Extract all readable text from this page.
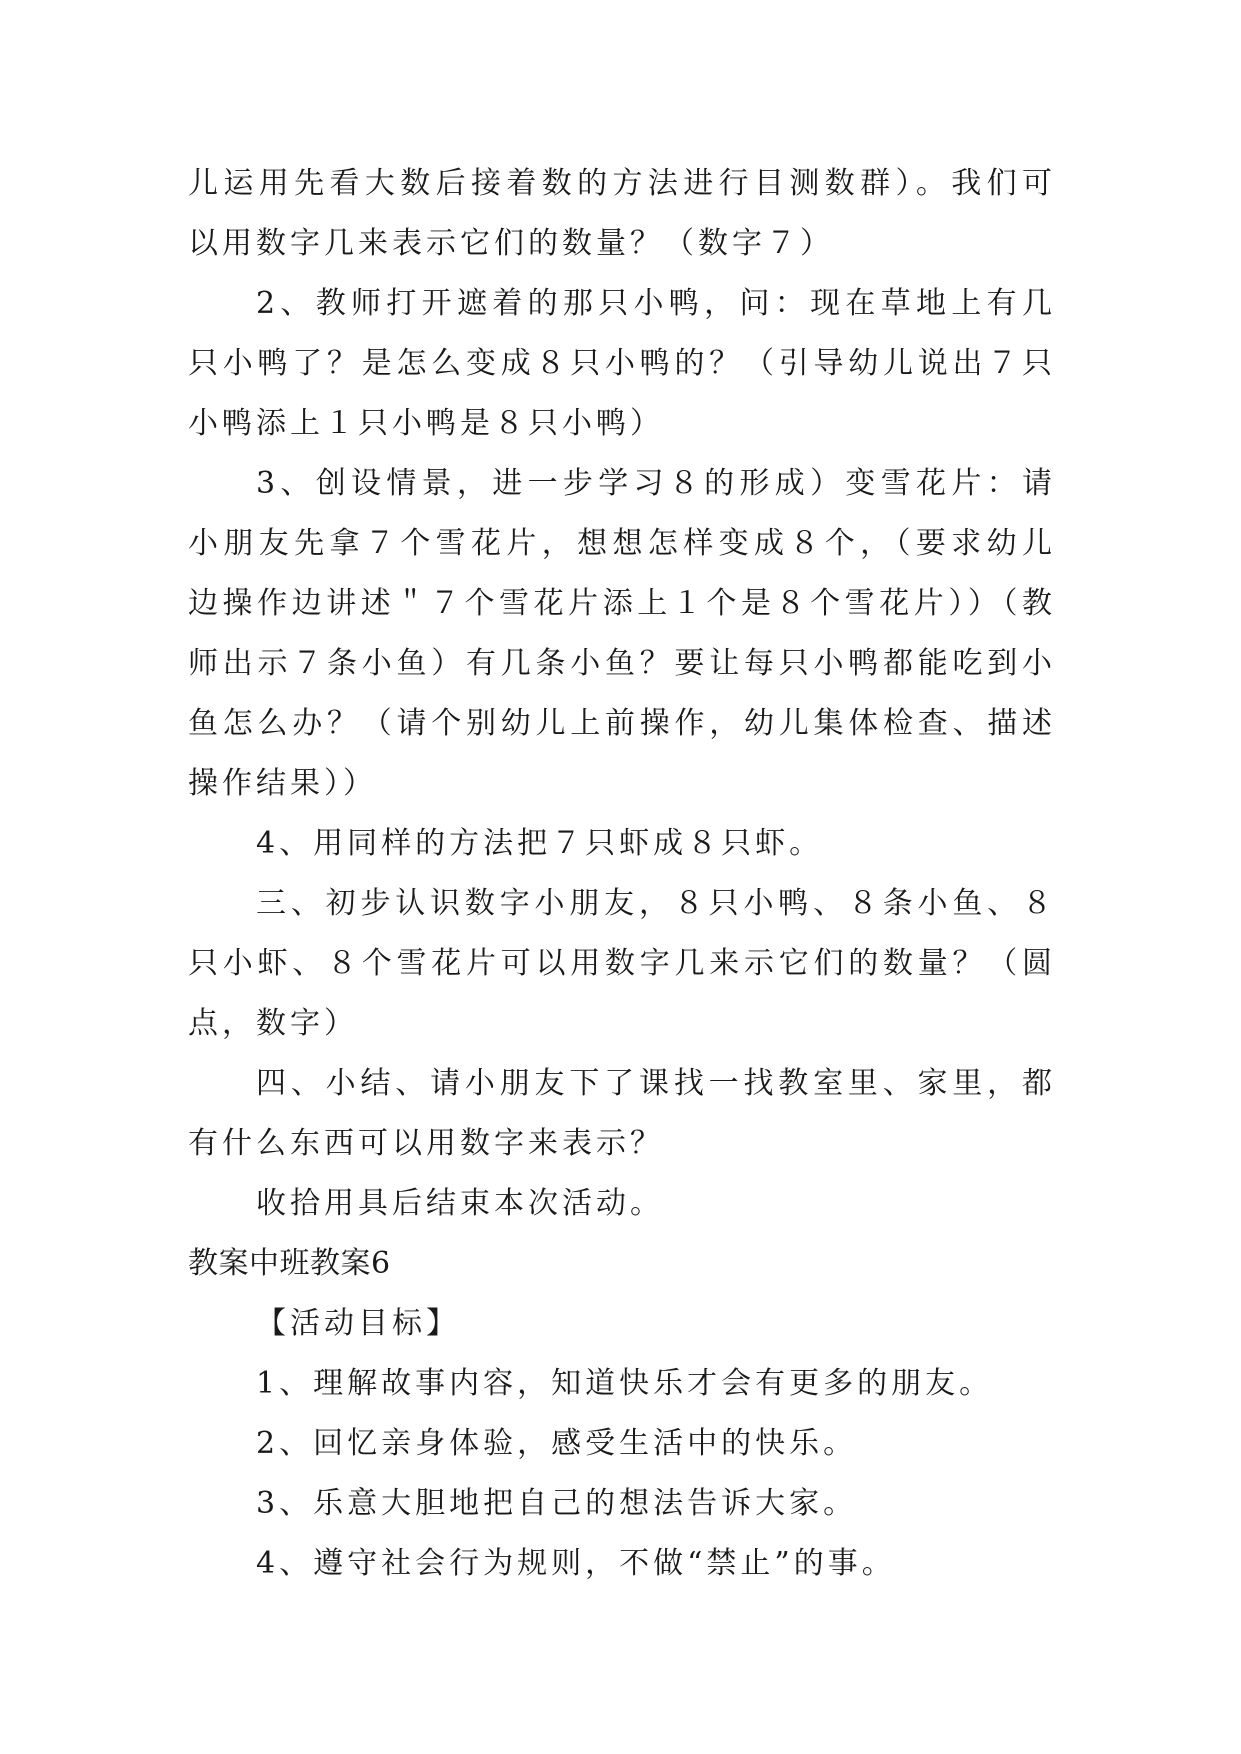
儿运用先看大数后接着数的方法进行目测数群）。我们可以用数字几来表示它们的数量？（数字７）

2、教师打开遮着的那只小鸭，问：现在草地上有几只小鸭了？是怎么变成８只小鸭的？（引导幼儿说出７只小鸭添上１只小鸭是８只小鸭）

3、创设情景，进一步学习８的形成）变雪花片：请小朋友先拿７个雪花片，想想怎样变成８个，（要求幼儿边操作边讲述＂７个雪花片添上１个是８个雪花片））（教师出示７条小鱼）有几条小鱼？要让每只小鸭都能吃到小鱼怎么办？（请个别幼儿上前操作，幼儿集体检查、描述操作结果））

4、用同样的方法把７只虾成８只虾。

三、初步认识数字小朋友，８只小鸭、８条小鱼、８只小虾、８个雪花片可以用数字几来示它们的数量？（圆点，数字）

四、小结、请小朋友下了课找一找教室里、家里，都有什么东西可以用数字来表示？

收拾用具后结束本次活动。

教案中班教案6

【活动目标】

1、理解故事内容，知道快乐才会有更多的朋友。

2、回忆亲身体验，感受生活中的快乐。

3、乐意大胆地把自己的想法告诉大家。

4、遵守社会行为规则，不做“禁止”的事。
